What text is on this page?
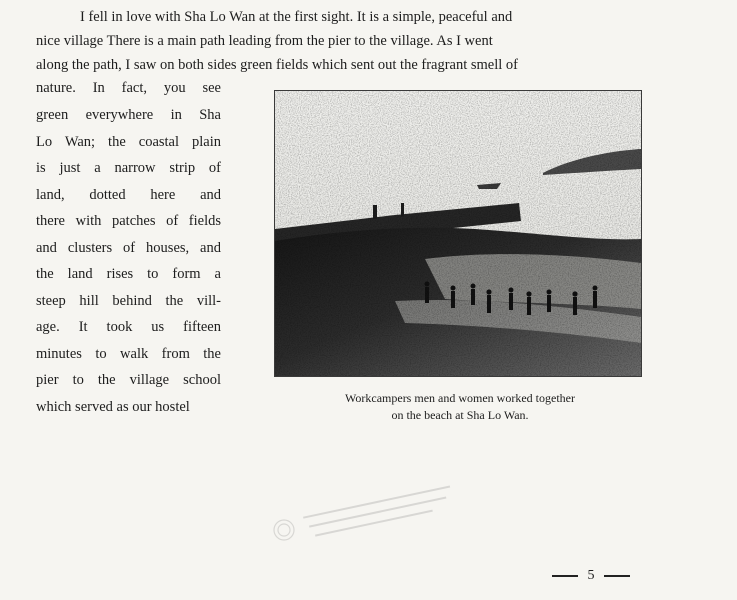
I fell in love with Sha Lo Wan at the first sight. It is a simple, peaceful and
nice village There is a main path leading from the pier to the village. As I went
along the path, I saw on both sides green fields which sent out the fragrant smell of
nature. In fact, you see
green everywhere in Sha
Lo Wan; the coastal plain
is just a narrow strip of
land, dotted here and
there with patches of fields
and clusters of houses, and
the land rises to form a
steep hill behind the vill-
age. It took us fifteen
minutes to walk from the
pier to the village school
which served as our hostel
Workcampers men and women worked together
on the beach at Sha Lo Wan.
5
